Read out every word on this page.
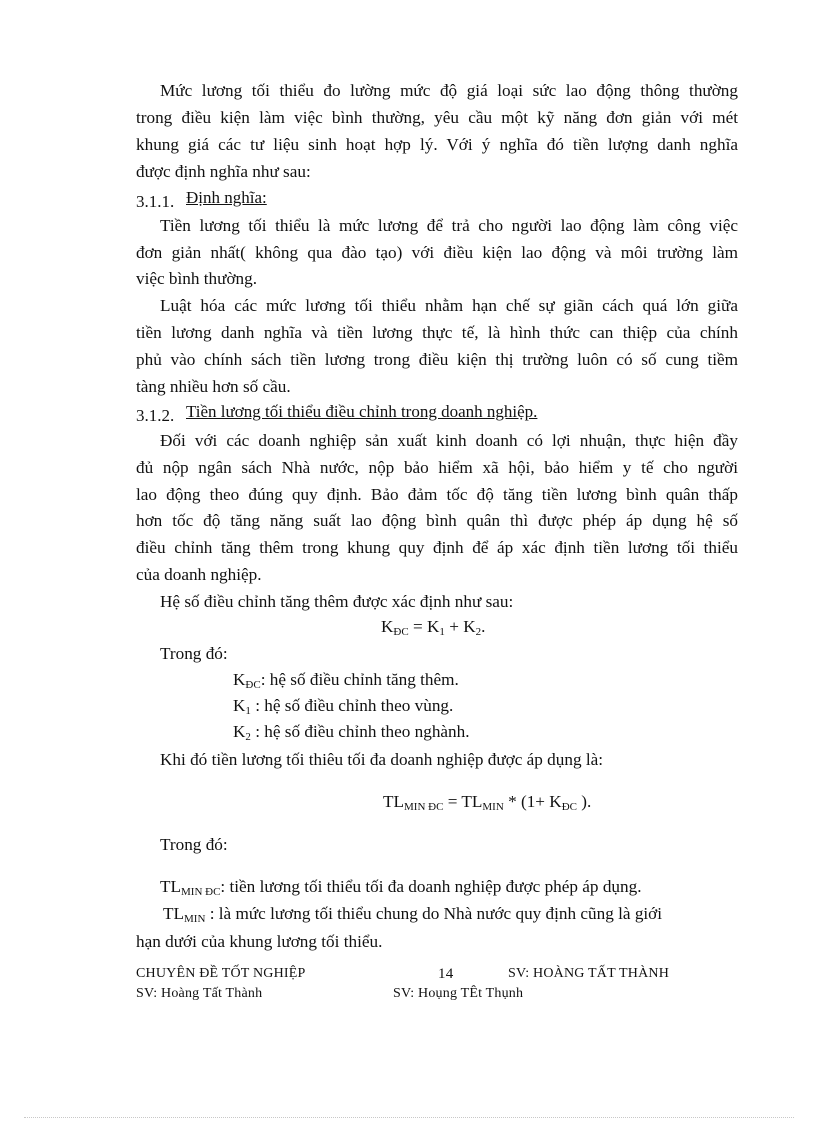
Mức lương tối thiểu đo lường mức độ giá loại sức lao động thông thường
trong điều kiện làm việc bình thường, yêu cầu một kỹ năng đơn giản với mét
khung giá các tư liệu sinh hoạt hợp lý. Với ý nghĩa đó tiền lượng danh nghĩa
được định nghĩa như sau:
3.1.1. Định nghĩa:
Tiền lương tối thiểu là mức lương để trả cho người lao động làm công việc
đơn giản nhất( không qua đào tạo) với điều kiện lao động và môi trường làm
việc bình thường.
Luật hóa các mức lương tối thiểu nhằm hạn chế sự giãn cách quá lớn giữa
tiền lương danh nghĩa và tiền lương thực tế, là hình thức can thiệp của chính
phủ vào chính sách tiền lương trong điều kiện thị trường luôn có số cung tiềm
tàng nhiều hơn số cầu.
3.1.2. Tiền lương tối thiểu điều chỉnh trong doanh nghiệp.
Đối với các doanh nghiệp sản xuất kinh doanh có lợi nhuận, thực hiện đầy
đủ nộp ngân sách Nhà nước, nộp bảo hiểm xã hội, bảo hiểm y tế cho người
lao động theo đúng quy định. Bảo đảm tốc độ tăng tiền lương bình quân thấp
hơn tốc độ tăng năng suất lao động bình quân thì được phép áp dụng hệ số
điều chỉnh tăng thêm trong khung quy định để áp xác định tiền lương tối thiểu
của doanh nghiệp.
Hệ số điều chỉnh tăng thêm được xác định như sau:
$K_{ĐC} = K_1 + K_2$.
Trong đó:
$K_{ĐC}$: hệ số điều chỉnh tăng thêm.
$K_1$ : hệ số điều chỉnh theo vùng.
$K_2$ : hệ số điều chỉnh theo nghành.
Khi đó tiền lương tối thiêu tối đa doanh nghiệp được áp dụng là:
$TL_{MIN ĐC} = TL_{MIN} * (1+ K_{ĐC}$ ).
Trong đó:
$TL_{MIN ĐC}$: tiền lương tối thiểu tối đa doanh nghiệp được phép áp dụng.
$TL_{MIN}$ : là mức lương tối thiểu chung do Nhà nước quy định cũng là giới
hạn dưới của khung lương tối thiểu.
CHUYÊN ĐỀ TỐT NGHIỆP	14	SV: HOÀNG TẤT THÀNH
SV: Hoàng Tất Thành	SV: Hoụng TÊt Thụnh
